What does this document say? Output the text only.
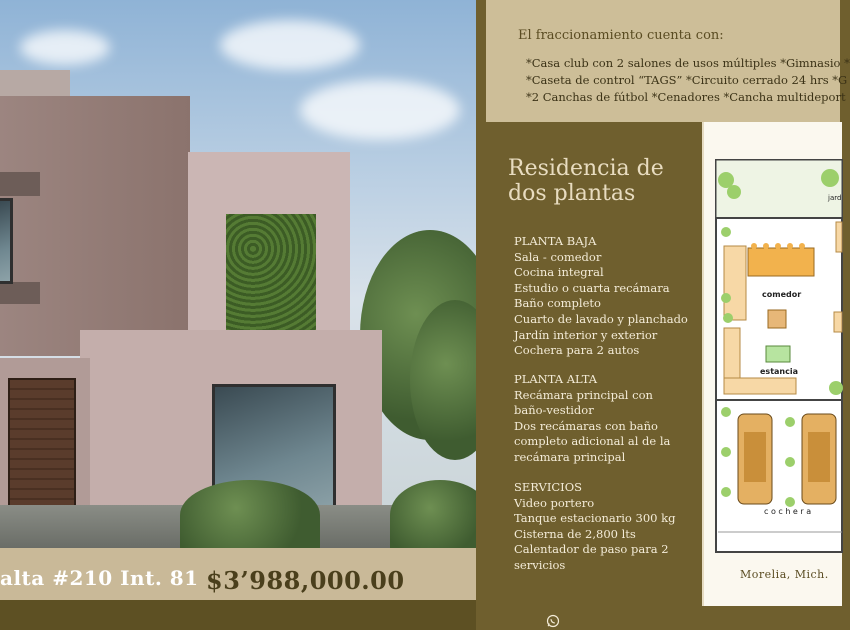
alta #210 Int. 81 $3’988,000.00
El fraccionamiento cuenta con:
*Casa club con 2 salones de usos múltiples *Gimnasio *
*Caseta de control “TAGS” *Circuito cerrado 24 hrs *G
*2 Canchas de fútbol *Cenadores *Cancha multideport
Residencia de
dos plantas
PLANTA BAJA
Sala - comedor
Cocina integral
Estudio o cuarta recámara
Baño completo
Cuarto de lavado y planchado
Jardín interior y exterior
Cochera para 2 autos
PLANTA ALTA
Recámara principal con
baño-vestidor
Dos recámaras con baño
completo adicional al de la
recámara principal
SERVICIOS
Video portero
Tanque estacionario 300 kg
Cisterna de 2,800 lts
Calentador de paso para 2
servicios
jard
comedor
estancia
c o c h e r a
Morelia, Mich.
